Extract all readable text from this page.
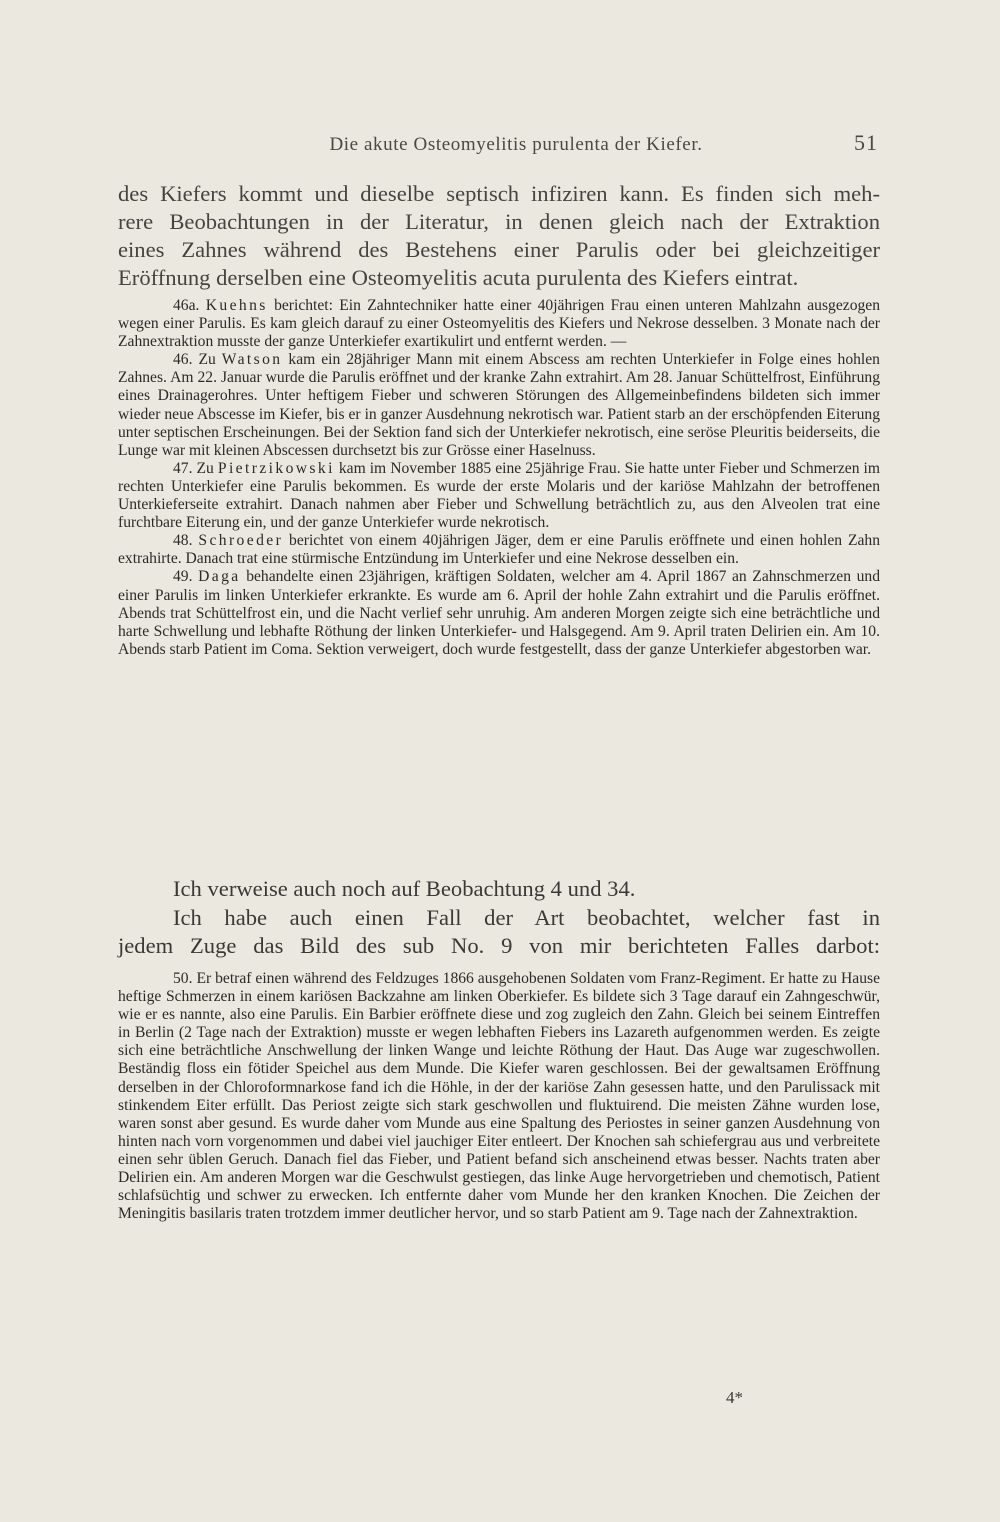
Die akute Osteomyelitis purulenta der Kiefer.	51
des Kiefers kommt und dieselbe septisch infiziren kann. Es finden sich meh-
rere Beobachtungen in der Literatur, in denen gleich nach der Extraktion
eines Zahnes während des Bestehens einer Parulis oder bei gleichzeitiger
Eröffnung derselben eine Osteomyelitis acuta purulenta des Kiefers eintrat.

46a. Kuehns berichtet: Ein Zahntechniker hatte einer 40jährigen Frau einen unteren Mahlzahn ausgezogen wegen einer Parulis. Es kam gleich darauf zu einer Osteomyelitis des Kiefers und Nekrose desselben. 3 Monate nach der Zahnextraktion musste der ganze Unterkiefer exartikulirt und entfernt werden. —

46. Zu Watson kam ein 28jähriger Mann mit einem Abscess am rechten Unterkiefer in Folge eines hohlen Zahnes. Am 22. Januar wurde die Parulis eröffnet und der kranke Zahn extrahirt. Am 28. Januar Schüttelfrost, Einführung eines Drainagerohres. Unter heftigem Fieber und schweren Störungen des Allgemeinbefindens bildeten sich immer wieder neue Abscesse im Kiefer, bis er in ganzer Ausdehnung nekrotisch war. Patient starb an der erschöpfenden Eiterung unter septischen Erscheinungen. Bei der Sektion fand sich der Unterkiefer nekrotisch, eine seröse Pleuritis beiderseits, die Lunge war mit kleinen Abscessen durchsetzt bis zur Grösse einer Haselnuss.

47. Zu Pietrzikowski kam im November 1885 eine 25jährige Frau. Sie hatte unter Fieber und Schmerzen im rechten Unterkiefer eine Parulis bekommen. Es wurde der erste Molaris und der kariöse Mahlzahn der betroffenen Unterkieferseite extrahirt. Danach nahmen aber Fieber und Schwellung beträchtlich zu, aus den Alveolen trat eine furchtbare Eiterung ein, und der ganze Unterkiefer wurde nekrotisch.

48. Schroeder berichtet von einem 40jährigen Jäger, dem er eine Parulis eröffnete und einen hohlen Zahn extrahirte. Danach trat eine stürmische Entzündung im Unterkiefer und eine Nekrose desselben ein.

49. Daga behandelte einen 23jährigen, kräftigen Soldaten, welcher am 4. April 1867 an Zahnschmerzen und einer Parulis im linken Unterkiefer erkrankte. Es wurde am 6. April der hohle Zahn extrahirt und die Parulis eröffnet. Abends trat Schüttelfrost ein, und die Nacht verlief sehr unruhig. Am anderen Morgen zeigte sich eine beträchtliche und harte Schwellung und lebhafte Röthung der linken Unterkiefer- und Halsgegend. Am 9. April traten Delirien ein. Am 10. Abends starb Patient im Coma. Sektion verweigert, doch wurde festgestellt, dass der ganze Unterkiefer abgestorben war.

Ich verweise auch noch auf Beobachtung 4 und 34.

Ich habe auch einen Fall der Art beobachtet, welcher fast in

jedem Zuge das Bild des sub No. 9 von mir berichteten Falles darbot:

50. Er betraf einen während des Feldzuges 1866 ausgehobenen Soldaten vom Franz-Regiment. Er hatte zu Hause heftige Schmerzen in einem kariösen Backzahne am linken Oberkiefer. Es bildete sich 3 Tage darauf ein Zahngeschwür, wie er es nannte, also eine Parulis. Ein Barbier eröffnete diese und zog zugleich den Zahn. Gleich bei seinem Eintreffen in Berlin (2 Tage nach der Extraktion) musste er wegen lebhaften Fiebers ins Lazareth aufgenommen werden. Es zeigte sich eine beträchtliche Anschwellung der linken Wange und leichte Röthung der Haut. Das Auge war zugeschwollen. Beständig floss ein fötider Speichel aus dem Munde. Die Kiefer waren geschlossen. Bei der gewaltsamen Eröffnung derselben in der Chloroformnarkose fand ich die Höhle, in der der kariöse Zahn gesessen hatte, und den Parulissack mit stinkendem Eiter erfüllt. Das Periost zeigte sich stark geschwollen und fluktuirend. Die meisten Zähne wurden lose, waren sonst aber gesund. Es wurde daher vom Munde aus eine Spaltung des Periostes in seiner ganzen Ausdehnung von hinten nach vorn vorgenommen und dabei viel jauchiger Eiter entleert. Der Knochen sah schiefergrau aus und verbreitete einen sehr üblen Geruch. Danach fiel das Fieber, und Patient befand sich anscheinend etwas besser. Nachts traten aber Delirien ein. Am anderen Morgen war die Geschwulst gestiegen, das linke Auge hervorgetrieben und chemotisch, Patient schlafsüchtig und schwer zu erwecken. Ich entfernte daher vom Munde her den kranken Knochen. Die Zeichen der Meningitis basilaris traten trotzdem immer deutlicher hervor, und so starb Patient am 9. Tage nach der Zahnextraktion.

4*
